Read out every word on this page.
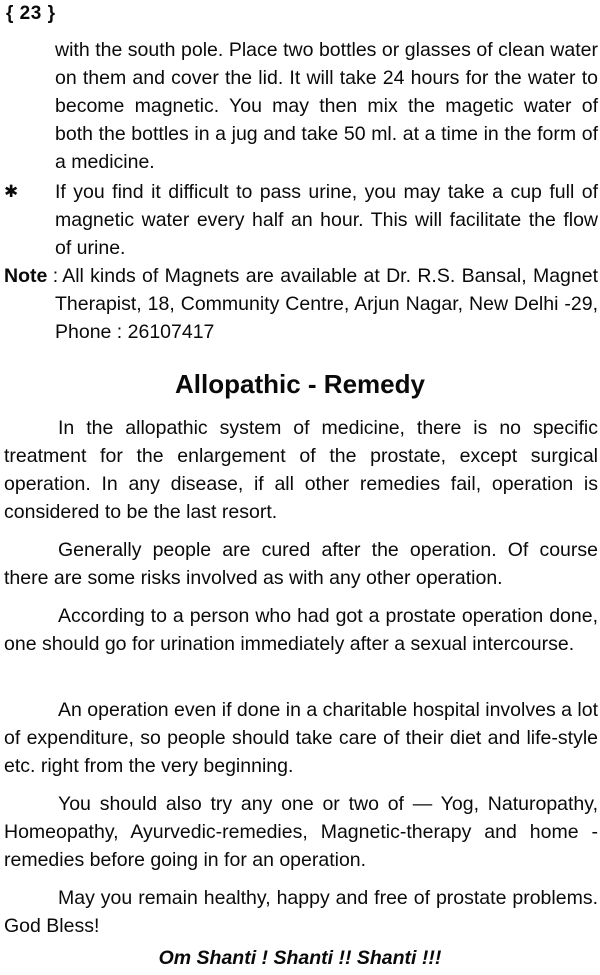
{ 23 }

with the south pole. Place two bottles or glasses of clean water on them and cover the lid. It will take 24 hours for the water to become magnetic. You may then mix the magetic water of both the bottles in a jug and take 50 ml. at a time in the form of a medicine.

✱ If you find it difficult to pass urine, you may take a cup full of magnetic water every half an hour. This will facilitate the flow of urine.

Note : All kinds of Magnets are available at Dr. R.S. Bansal, Magnet Therapist, 18, Community Centre, Arjun Nagar, New Delhi -29, Phone : 26107417

Allopathic - Remedy

In the allopathic system of medicine, there is no specific treatment for the enlargement of the prostate, except surgical operation. In any disease, if all other remedies fail, operation is considered to be the last resort.

Generally people are cured after the operation. Of course there are some risks involved as with any other operation.

According to a person who had got a prostate operation done, one should go for urination immediately after a sexual intercourse.

An operation even if done in a charitable hospital involves a lot of expenditure, so people should take care of their diet and life-style etc. right from the very beginning.

You should also try any one or two of — Yog, Naturopathy, Homeopathy, Ayurvedic-remedies, Magnetic-therapy and home -remedies before going in for an operation.

May you remain healthy, happy and free of prostate problems. God Bless!

Om Shanti ! Shanti !! Shanti !!!
